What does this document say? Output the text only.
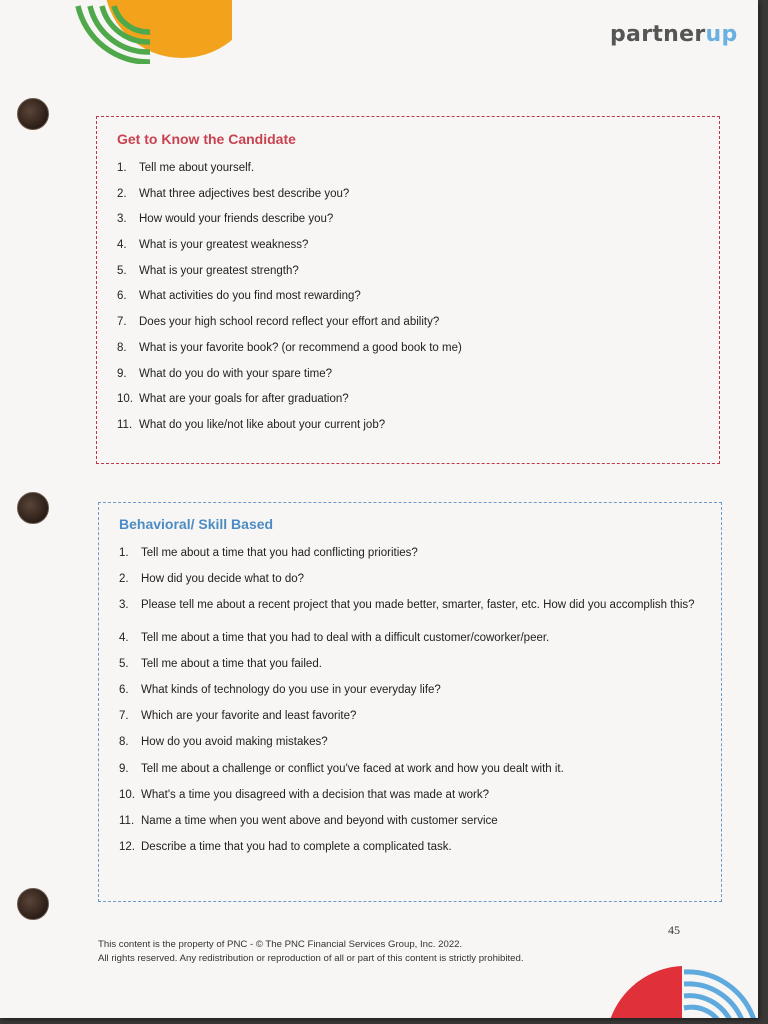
partnerup
Get to Know the Candidate
1.	Tell me about yourself.
2.	What three adjectives best describe you?
3.	How would your friends describe you?
4.	What is your greatest weakness?
5.	What is your greatest strength?
6.	What activities do you find most rewarding?
7.	Does your high school record reflect your effort and ability?
8.	What is your favorite book? (or recommend a good book to me)
9.	What do you do with your spare time?
10. What are your goals for after graduation?
11. What do you like/not like about your current job?
Behavioral/ Skill Based
1.	Tell me about a time that you had conflicting priorities?
2.	How did you decide what to do?
3.	Please tell me about a recent project that you made better, smarter, faster, etc. How did you accomplish this?
4.	Tell me about a time that you had to deal with a difficult customer/coworker/peer.
5.	Tell me about a time that you failed.
6.	What kinds of technology do you use in your everyday life?
7.	Which are your favorite and least favorite?
8.	How do you avoid making mistakes?
9.	Tell me about a challenge or conflict you've faced at work and how you dealt with it.
10. What's a time you disagreed with a decision that was made at work?
11. Name a time when you went above and beyond with customer service
12. Describe a time that you had to complete a complicated task.
45
This content is the property of PNC - © The PNC Financial Services Group, Inc. 2022.
All rights reserved. Any redistribution or reproduction of all or part of this content is strictly prohibited.
